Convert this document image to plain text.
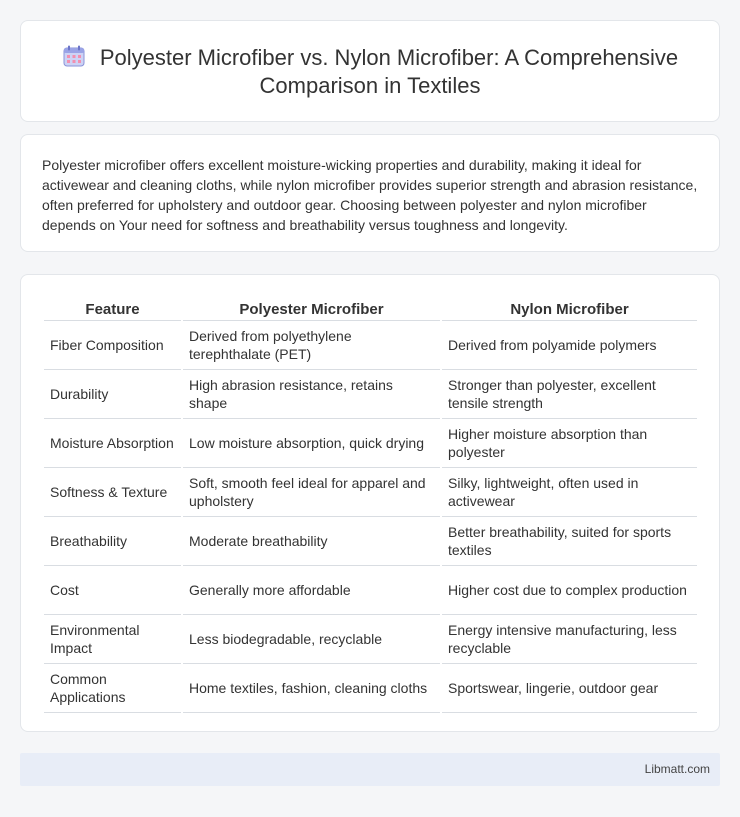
Polyester Microfiber vs. Nylon Microfiber: A Comprehensive Comparison in Textiles

Polyester microfiber offers excellent moisture-wicking properties and durability, making it ideal for activewear and cleaning cloths, while nylon microfiber provides superior strength and abrasion resistance, often preferred for upholstery and outdoor gear. Choosing between polyester and nylon microfiber depends on Your need for softness and breathability versus toughness and longevity.

Feature	Polyester Microfiber	Nylon Microfiber
Fiber Composition	Derived from polyethylene terephthalate (PET)	Derived from polyamide polymers
Durability	High abrasion resistance, retains shape	Stronger than polyester, excellent tensile strength
Moisture Absorption	Low moisture absorption, quick drying	Higher moisture absorption than polyester
Softness & Texture	Soft, smooth feel ideal for apparel and upholstery	Silky, lightweight, often used in activewear
Breathability	Moderate breathability	Better breathability, suited for sports textiles
Cost	Generally more affordable	Higher cost due to complex production
Environmental Impact	Less biodegradable, recyclable	Energy intensive manufacturing, less recyclable
Common Applications	Home textiles, fashion, cleaning cloths	Sportswear, lingerie, outdoor gear
Libmatt.com
